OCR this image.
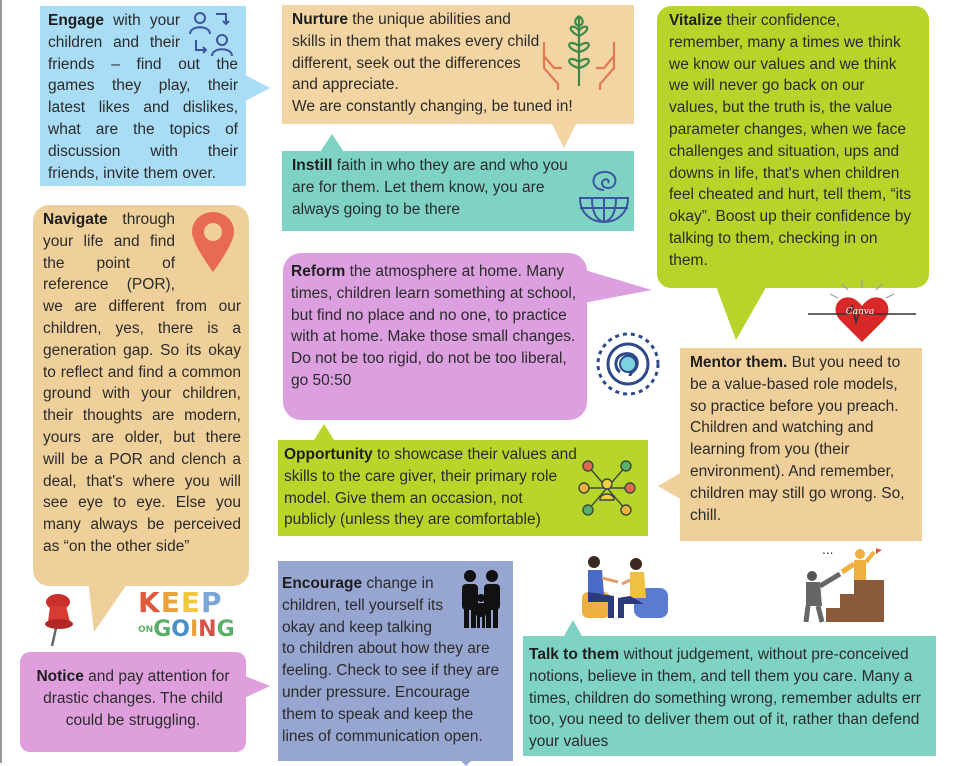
Engage with your children and their friends – find out the games they play, their latest likes and dislikes, what are the topics of discussion with their friends, invite them over.
Nurture the unique abilities and skills in them that makes every child different, seek out the differences and appreciate.
We are constantly changing, be tuned in!
Vitalize their confidence, remember, many a times we think we know our values and we think we will never go back on our values, but the truth is, the value parameter changes, when we face challenges and situation, ups and downs in life, that's when children feel cheated and hurt, tell them, “its okay”. Boost up their confidence by talking to them, checking in on them.
Canva
Instill faith in who they are and who you are for them. Let them know, you are always going to be there
Navigate through your life and find the point of reference (POR), we are different from our children, yes, there is a generation gap. So its okay to reflect and find a common ground with your children, their thoughts are modern, yours are older, but there will be a POR and clench a deal, that's where you will see eye to eye. Else you many always be perceived as “on the other side”
Reform the atmosphere at home. Many times, children learn something at school, but find no place and no one, to practice with at home. Make those small changes. Do not be too rigid, do not be too liberal, go 50:50
Mentor them. But you need to be a value-based role models, so practice before you preach. Children and watching and learning from you (their environment). And remember, children may still go wrong. So, chill.
Opportunity to showcase their values and skills to the care giver, their primary role model. Give them an occasion, not publicly (unless they are comfortable)
Encourage change in children, tell yourself its okay and keep talking to children about how they are feeling. Check to see if they are under pressure. Encourage them to speak and keep the lines of communication open.
KEEP
ONGOING
Notice and pay attention for drastic changes. The child could be struggling.
...
Talk to them without judgement, without pre-conceived notions, believe in them, and tell them you care. Many a times, children do something wrong, remember adults err too, you need to deliver them out of it, rather than defend your values
